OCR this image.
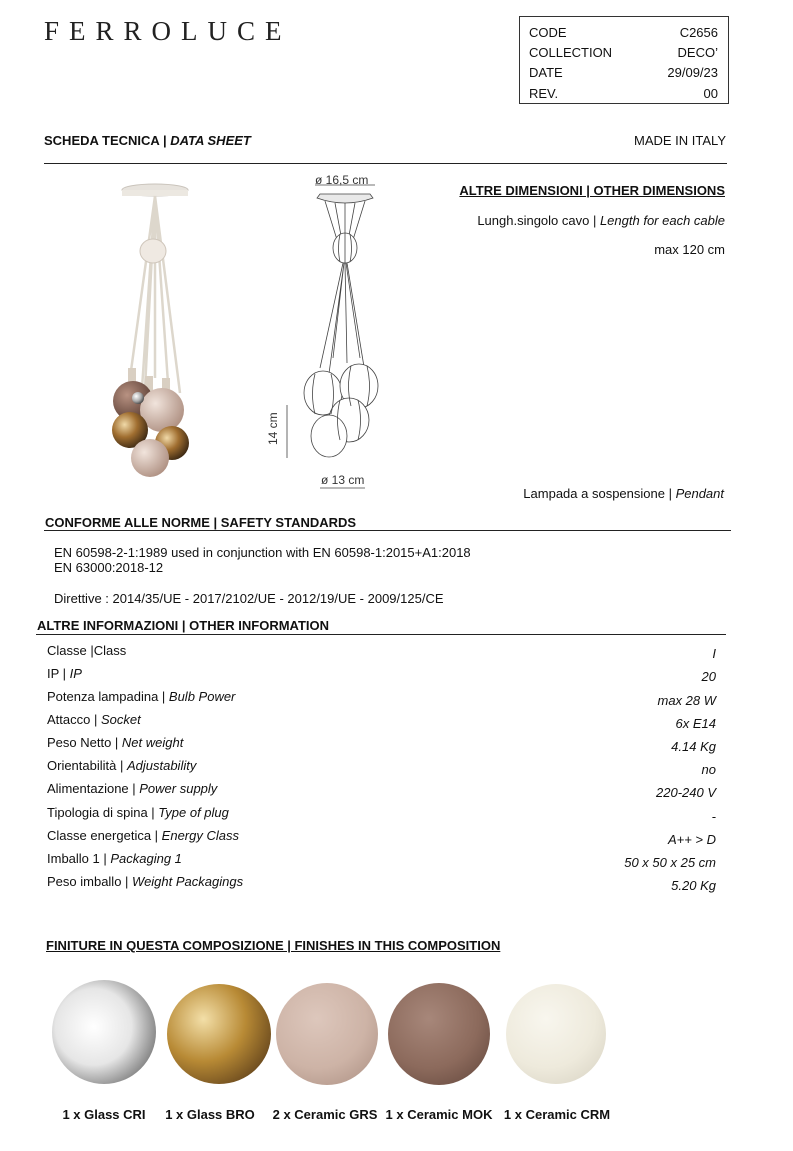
FERROLUCE	CODE	C2656
COLLECTION	DECO’
DATE	29/09/23
REV.	00
SCHEDA TECNICA | DATA SHEET	MADE IN ITALY
ø 16,5 cm
14 cm
ø 13 cm
ALTRE DIMENSIONI | OTHER DIMENSIONS
Lungh.singolo cavo | Length for each cable
max 120 cm
Lampada a sospensione | Pendant
CONFORME ALLE NORME | SAFETY STANDARDS
EN 60598-2-1:1989 used in conjunction with EN 60598-1:2015+A1:2018
EN 63000:2018-12
Direttive : 2014/35/UE - 2017/2102/UE - 2012/19/UE - 2009/125/CE
ALTRE INFORMAZIONI | OTHER INFORMATION
Classe |Class	I
IP | IP	20
Potenza lampadina | Bulb Power	max 28 W
Attacco | Socket	6x E14
Peso Netto | Net weight	4.14 Kg
Orientabilità | Adjustability	no
Alimentazione | Power supply	220-240 V
Tipologia di spina | Type of plug	-
Classe energetica | Energy Class	A++ > D
Imballo 1 | Packaging 1	50 x 50 x 25 cm
Peso imballo | Weight Packagings	5.20 Kg
FINITURE IN QUESTA COMPOSIZIONE | FINISHES IN THIS COMPOSITION
1 x Glass CRI	1 x Glass BRO	2 x Ceramic GRS 1 x Ceramic MOK 1 x Ceramic CRM
